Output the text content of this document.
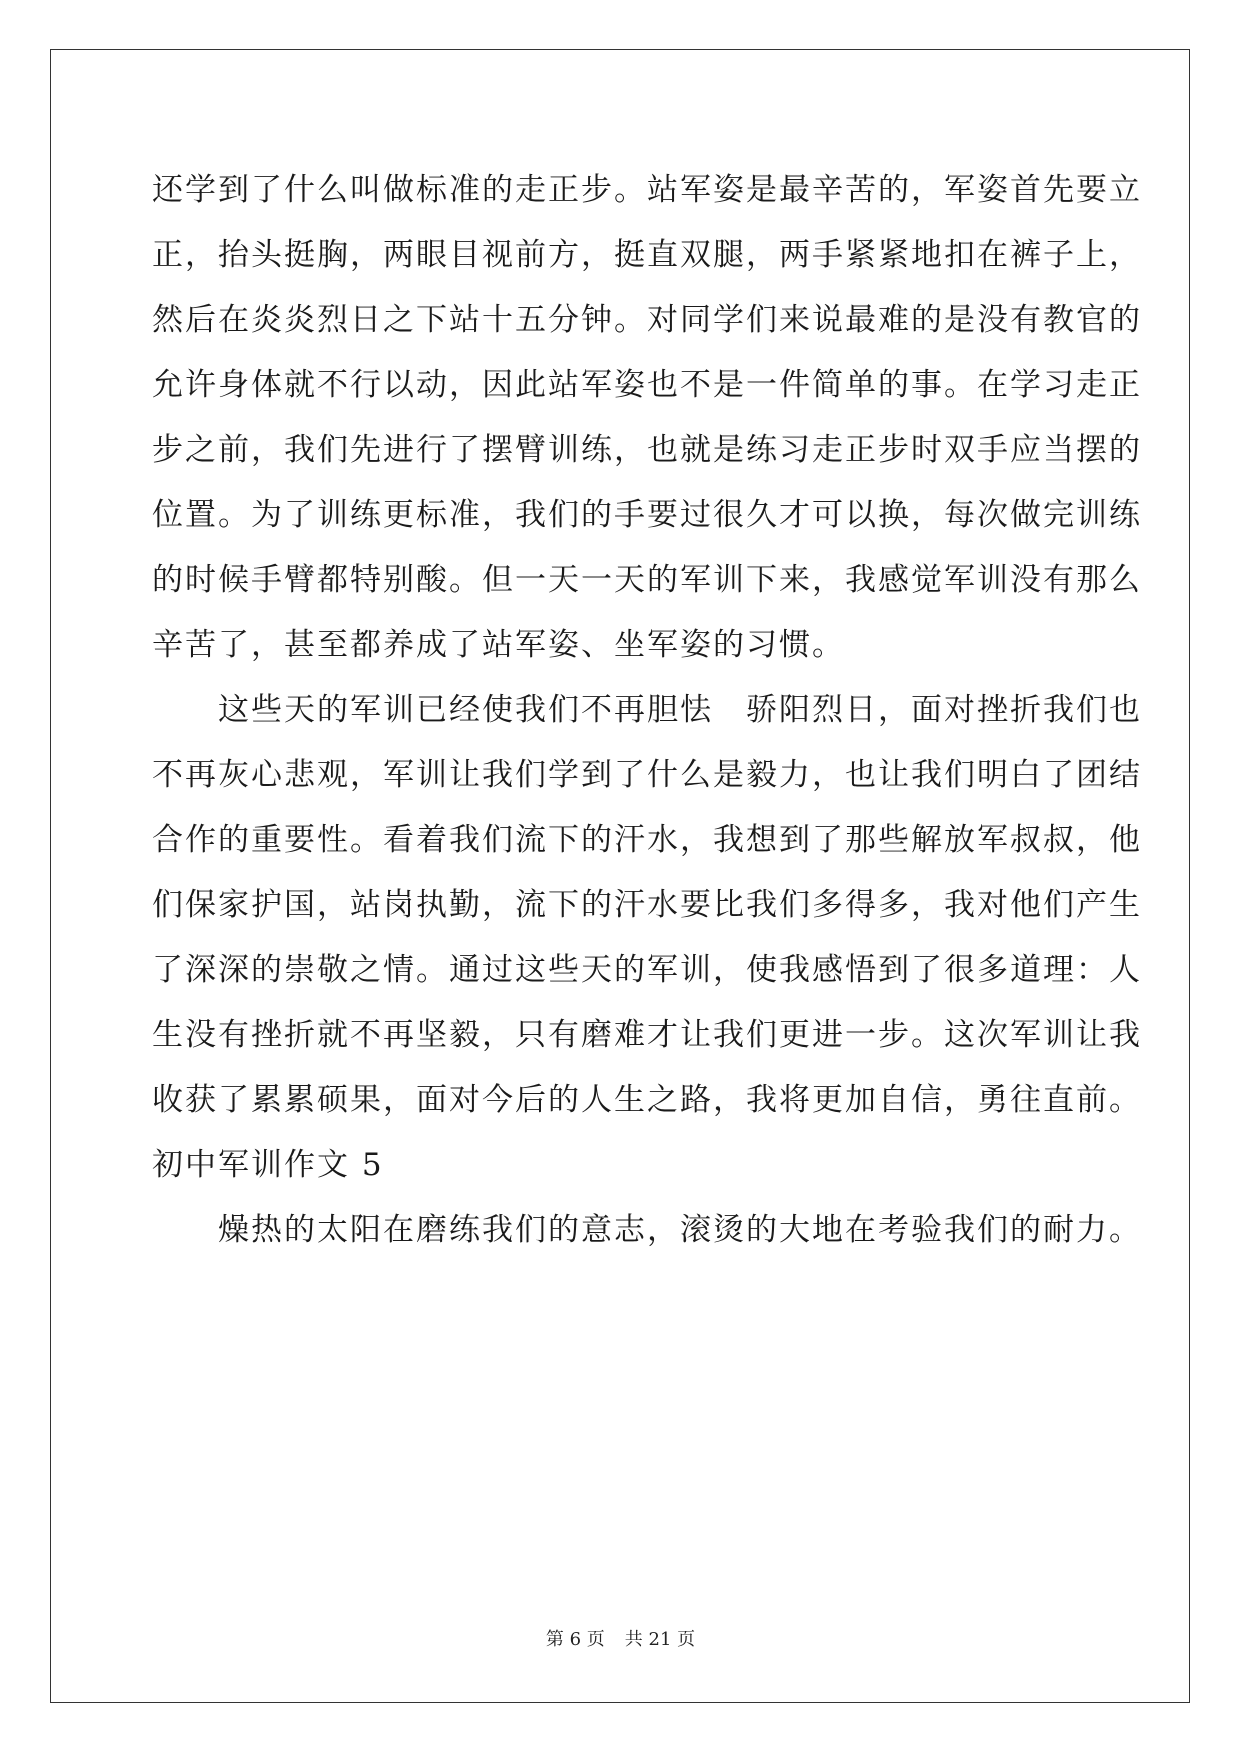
还学到了什么叫做标准的走正步。站军姿是最辛苦的，军姿首先要立
正，抬头挺胸，两眼目视前方，挺直双腿，两手紧紧地扣在裤子上，
然后在炎炎烈日之下站十五分钟。对同学们来说最难的是没有教官的
允许身体就不行以动，因此站军姿也不是一件简单的事。在学习走正
步之前，我们先进行了摆臂训练，也就是练习走正步时双手应当摆的
位置。为了训练更标准，我们的手要过很久才可以换，每次做完训练
的时候手臂都特别酸。但一天一天的军训下来，我感觉军训没有那么
辛苦了，甚至都养成了站军姿、坐军姿的习惯。
　　这些天的军训已经使我们不再胆怯　骄阳烈日，面对挫折我们也
不再灰心悲观，军训让我们学到了什么是毅力，也让我们明白了团结
合作的重要性。看着我们流下的汗水，我想到了那些解放军叔叔，他
们保家护国，站岗执勤，流下的汗水要比我们多得多，我对他们产生
了深深的崇敬之情。通过这些天的军训，使我感悟到了很多道理：人
生没有挫折就不再坚毅，只有磨难才让我们更进一步。这次军训让我
收获了累累硕果，面对今后的人生之路，我将更加自信，勇往直前。
初中军训作文 5
　　燥热的太阳在磨练我们的意志，滚烫的大地在考验我们的耐力。
第 6 页 共 21 页
